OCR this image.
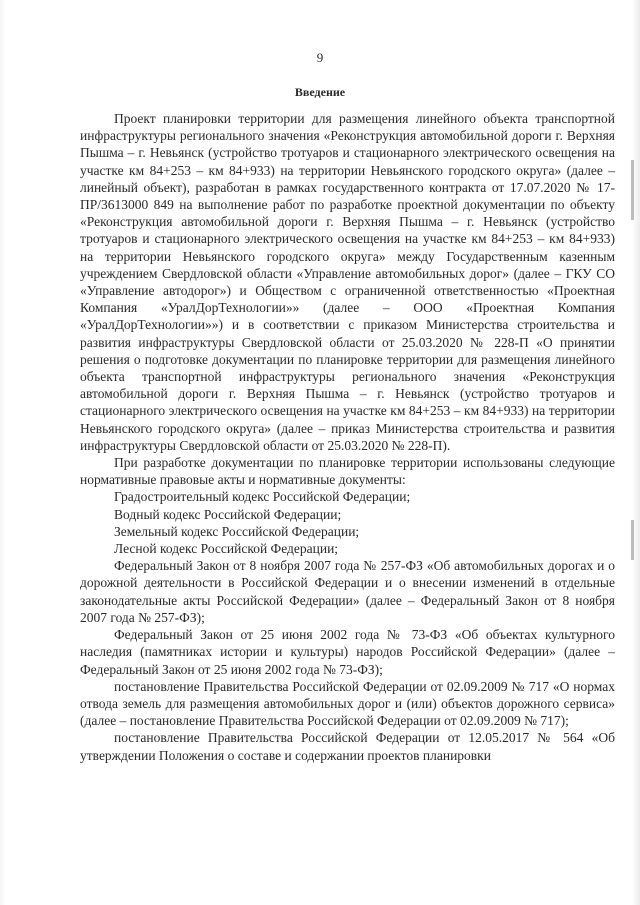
9
Введение

Проект планировки территории для размещения линейного объекта транспортной инфраструктуры регионального значения «Реконструкция автомобильной дороги г. Верхняя Пышма – г. Невьянск (устройство тротуаров и стационарного электрического освещения на участке км 84+253 – км 84+933) на территории Невьянского городского округа» (далее – линейный объект), разработан в рамках государственного контракта от 17.07.2020 № 17-ПР/3613000 849 на выполнение работ по разработке проектной документации по объекту «Реконструкция автомобильной дороги г. Верхняя Пышма – г. Невьянск (устройство тротуаров и стационарного электрического освещения на участке км 84+253 – км 84+933) на территории Невьянского городского округа» между Государственным казенным учреждением Свердловской области «Управление автомобильных дорог» (далее – ГКУ СО «Управление автодорог») и Обществом с ограниченной ответственностью «Проектная Компания «УралДорТехнологии»» (далее – ООО «Проектная Компания «УралДорТехнологии»») и в соответствии с приказом Министерства строительства и развития инфраструктуры Свердловской области от 25.03.2020 № 228-П «О принятии решения о подготовке документации по планировке территории для размещения линейного объекта транспортной инфраструктуры регионального значения «Реконструкция автомобильной дороги г. Верхняя Пышма – г. Невьянск (устройство тротуаров и стационарного электрического освещения на участке км 84+253 – км 84+933) на территории Невьянского городского округа» (далее – приказ Министерства строительства и развития инфраструктуры Свердловской области от 25.03.2020 № 228-П).

При разработке документации по планировке территории использованы следующие нормативные правовые акты и нормативные документы:

Градостроительный кодекс Российской Федерации;

Водный кодекс Российской Федерации;

Земельный кодекс Российской Федерации;

Лесной кодекс Российской Федерации;

Федеральный Закон от 8 ноября 2007 года № 257-ФЗ «Об автомобильных дорогах и о дорожной деятельности в Российской Федерации и о внесении изменений в отдельные законодательные акты Российской Федерации» (далее – Федеральный Закон от 8 ноября 2007 года № 257-ФЗ);

Федеральный Закон от 25 июня 2002 года № 73-ФЗ «Об объектах культурного наследия (памятниках истории и культуры) народов Российской Федерации» (далее – Федеральный Закон от 25 июня 2002 года № 73-ФЗ);

постановление Правительства Российской Федерации от 02.09.2009 № 717 «О нормах отвода земель для размещения автомобильных дорог и (или) объектов дорожного сервиса» (далее – постановление Правительства Российской Федерации от 02.09.2009 № 717);

постановление Правительства Российской Федерации от 12.05.2017 № 564 «Об утверждении Положения о составе и содержании проектов планировки
